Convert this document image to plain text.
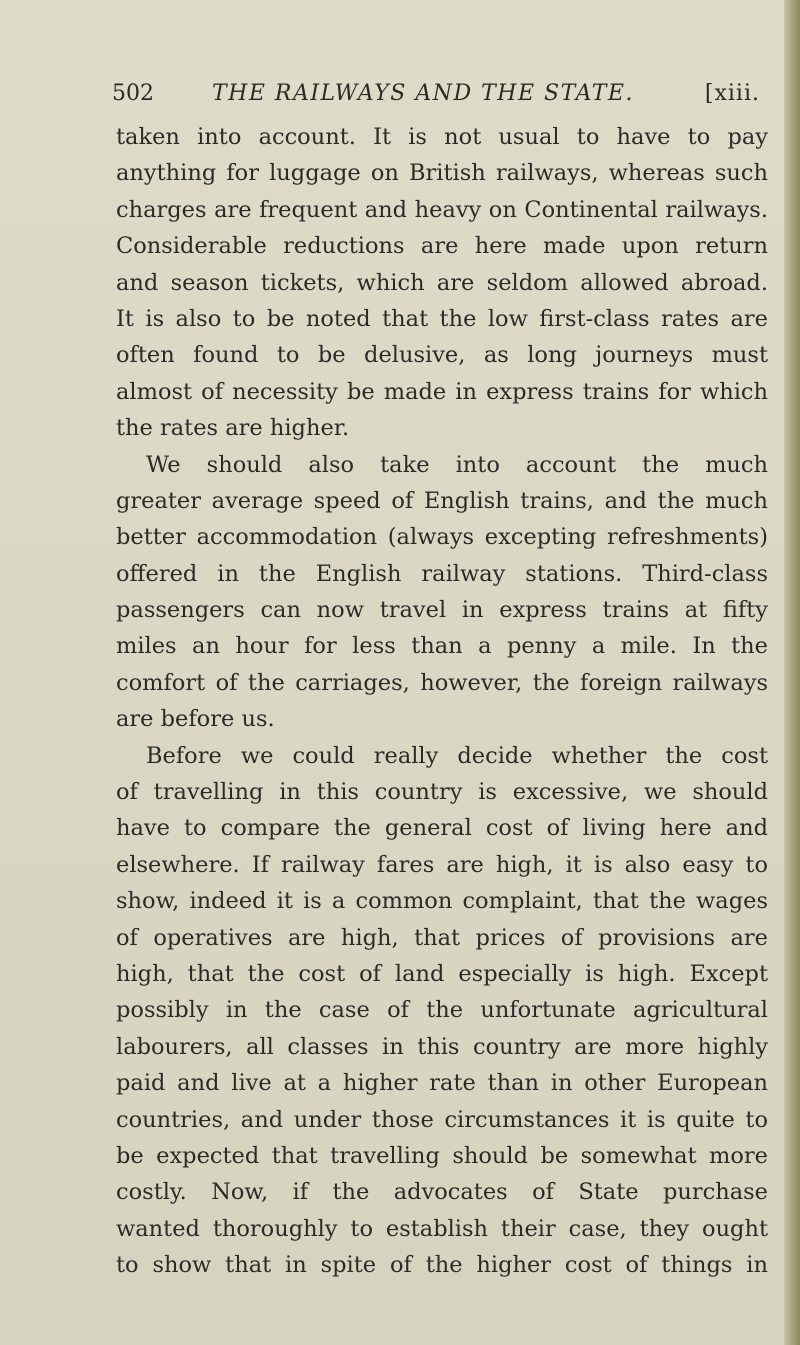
502	THE RAILWAYS AND THE STATE.	[xiii.
taken into account. It is not usual to have to pay
anything for luggage on British railways, whereas such
charges are frequent and heavy on Continental railways.
Considerable reductions are here made upon return
and season tickets, which are seldom allowed abroad.
It is also to be noted that the low first-class rates are
often found to be delusive, as long journeys must
almost of necessity be made in express trains for which
the rates are higher.
We should also take into account the much
greater average speed of English trains, and the much
better accommodation (always excepting refreshments)
offered in the English railway stations. Third-class
passengers can now travel in express trains at fifty
miles an hour for less than a penny a mile. In the
comfort of the carriages, however, the foreign railways
are before us.
Before we could really decide whether the cost
of travelling in this country is excessive, we should
have to compare the general cost of living here and
elsewhere. If railway fares are high, it is also easy to
show, indeed it is a common complaint, that the wages
of operatives are high, that prices of provisions are
high, that the cost of land especially is high. Except
possibly in the case of the unfortunate agricultural
labourers, all classes in this country are more highly
paid and live at a higher rate than in other European
countries, and under those circumstances it is quite to
be expected that travelling should be somewhat more
costly. Now, if the advocates of State purchase
wanted thoroughly to establish their case, they ought
to show that in spite of the higher cost of things in
